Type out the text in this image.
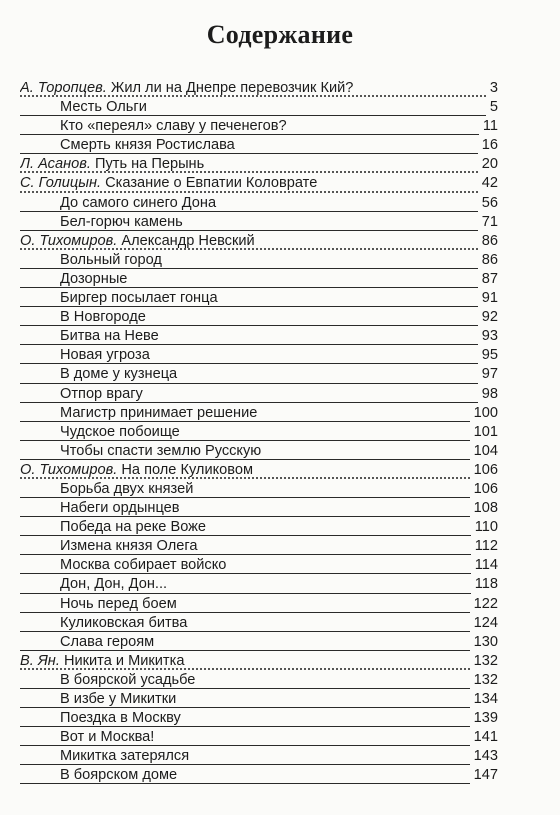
Содержание
А. Торопцев. Жил ли на Днепре перевозчик Кий?	3
Месть Ольги	5
Кто «переял» славу у печенегов?	11
Смерть князя Ростислава	16
Л. Асанов. Путь на Перынь	20
С. Голицын. Сказание о Евпатии Коловрате	42
До самого синего Дона	56
Бел-горюч камень	71
О. Тихомиров. Александр Невский	86
Вольный город	86
Дозорные	87
Биргер посылает гонца	91
В Новгороде	92
Битва на Неве	93
Новая угроза	95
В доме у кузнеца	97
Отпор врагу	98
Магистр принимает решение	100
Чудское побоище	101
Чтобы спасти землю Русскую	104
О. Тихомиров. На поле Куликовом	106
Борьба двух князей	106
Набеги ордынцев	108
Победа на реке Воже	110
Измена князя Олега	112
Москва собирает войско	114
Дон, Дон, Дон...	118
Ночь перед боем	122
Куликовская битва	124
Слава героям	130
В. Ян. Никита и Микитка	132
В боярской усадьбе	132
В избе у Микитки	134
Поездка в Москву	139
Вот и Москва!	141
Микитка затерялся	143
В боярском доме	147
